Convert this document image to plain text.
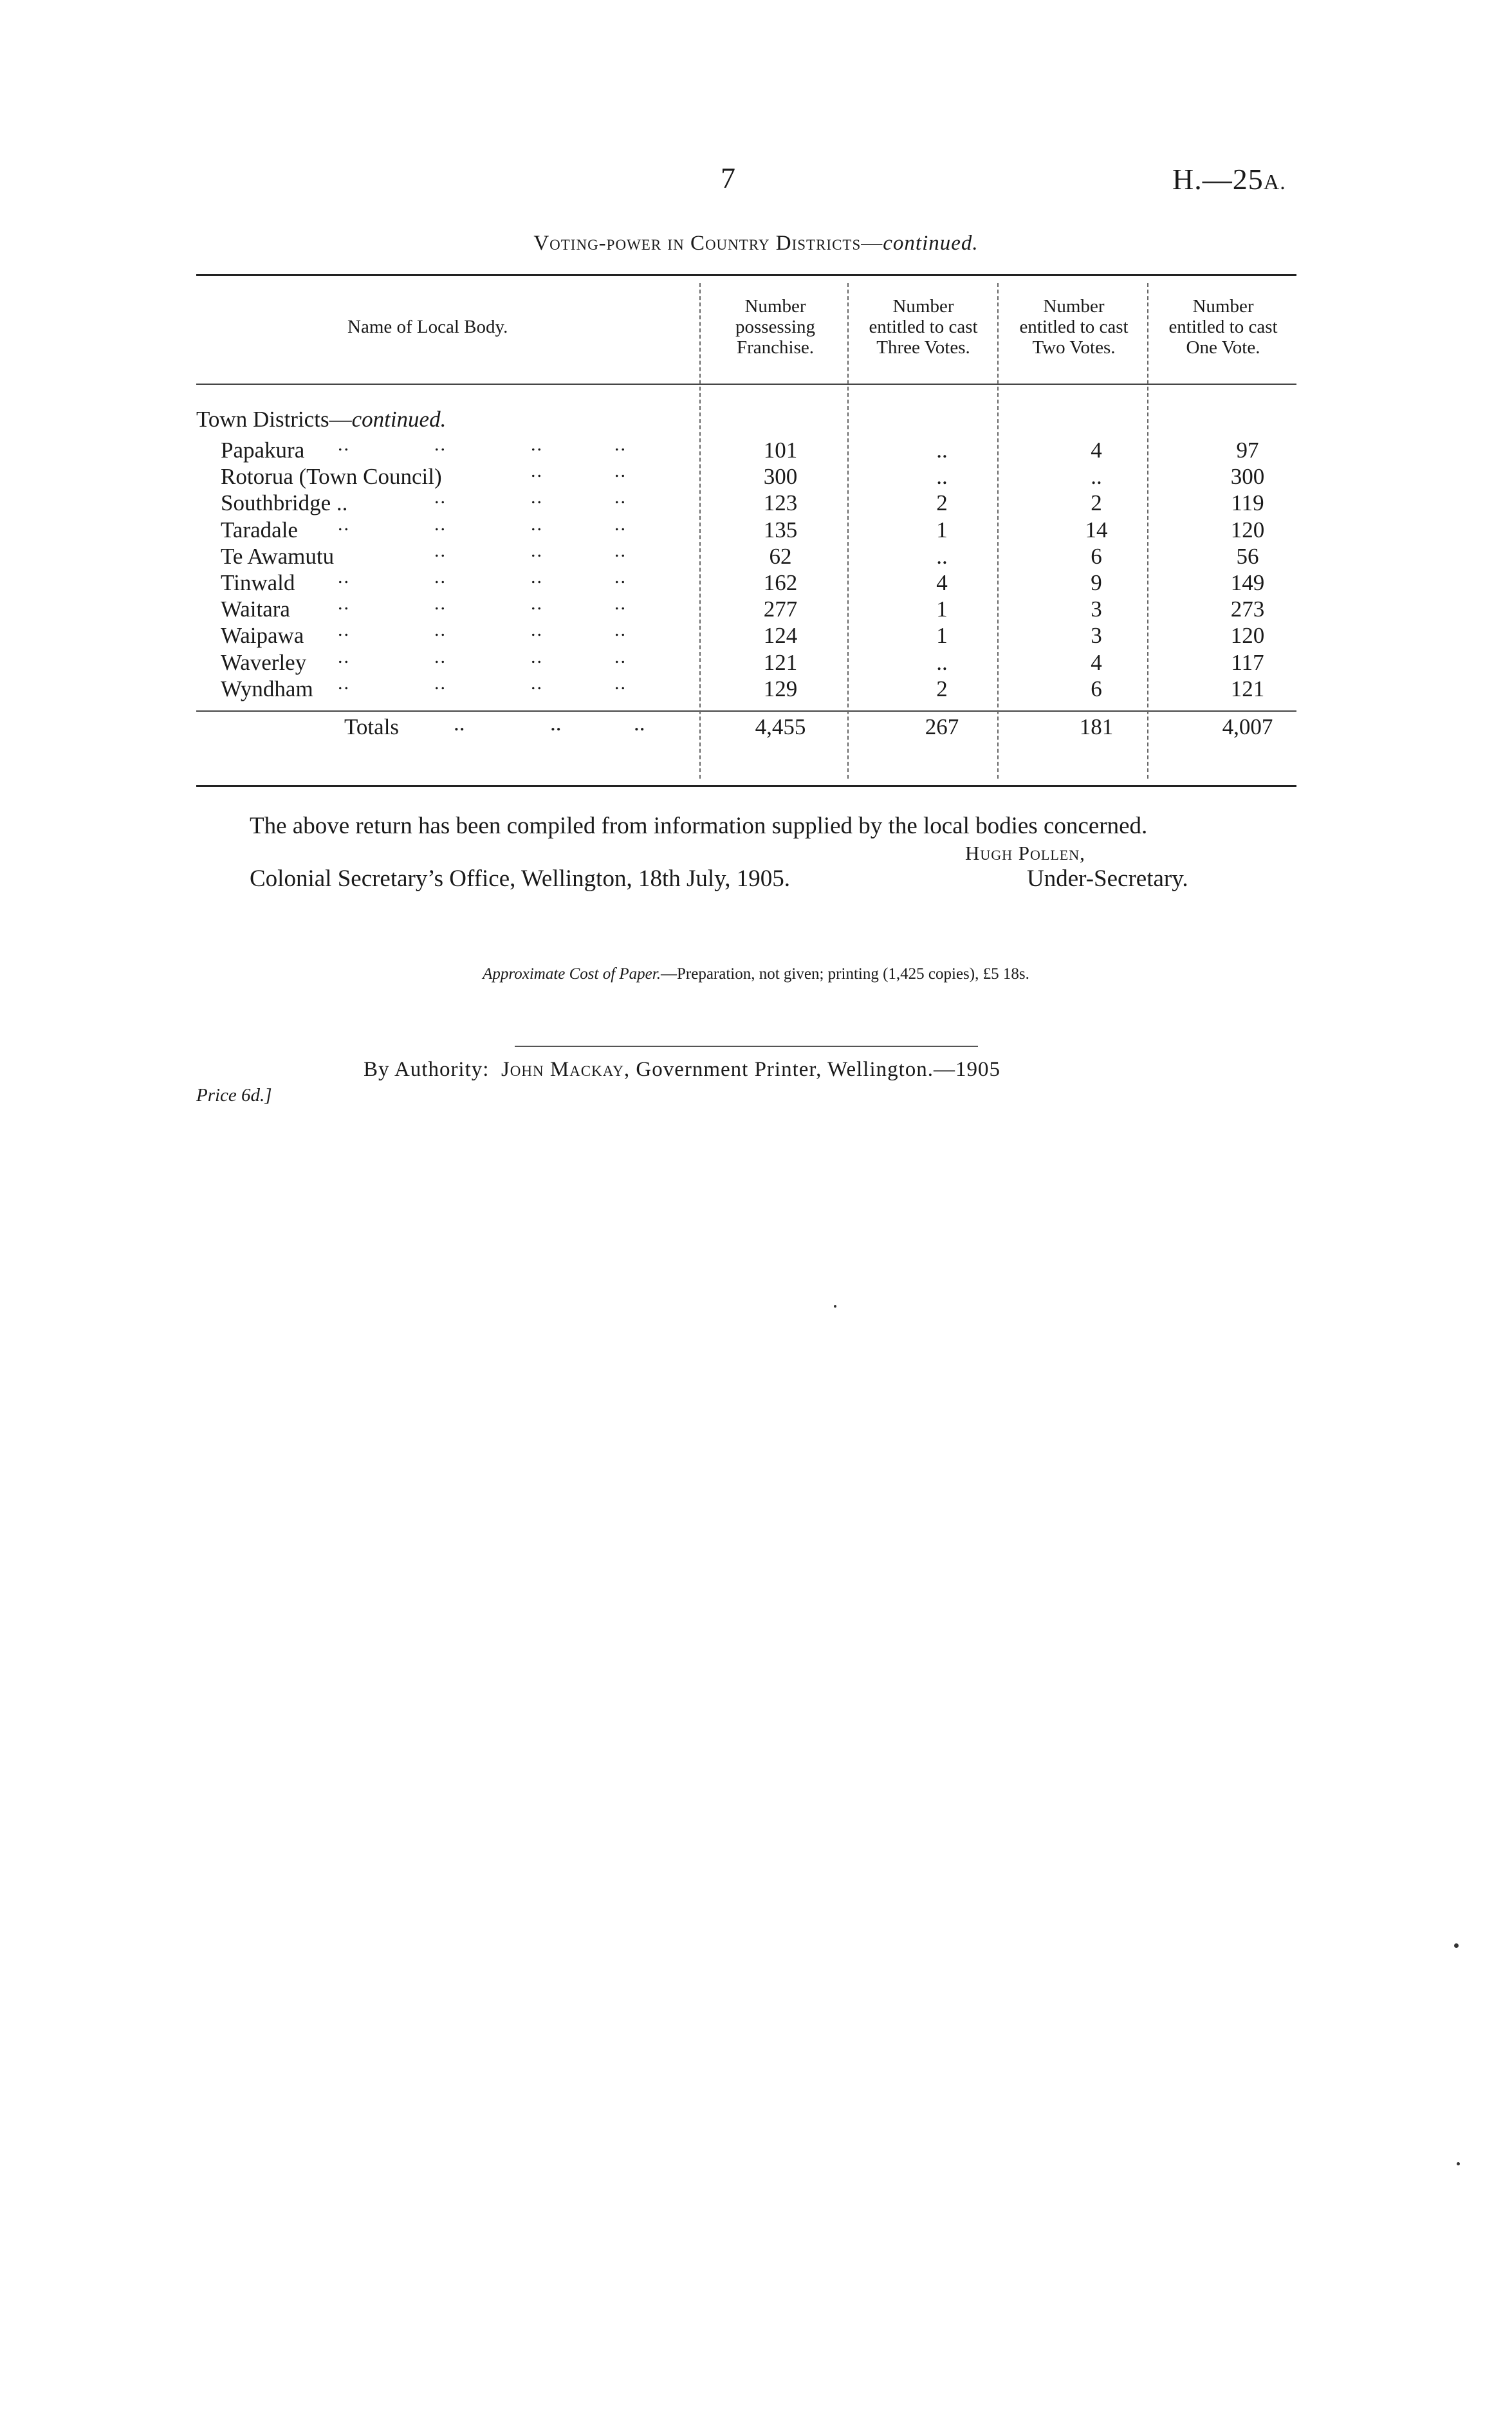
7	H.—25A.
Voting-power in Country Districts—continued.
Name of Local Body.
Number
possessing
Franchise.
Number
entitled to cast
Three Votes.
Number
entitled to cast
Two Votes.
Number
entitled to cast
One Vote.
Town Districts—continued.
Papakura ..	..	..	..	101	..	4	97
Rotorua (Town Council)	..	..	300	..	..	300
Southbridge ..	..	..	..	123	2	2	119
Taradale ..	..	..	..	135	1	14	120
Te Awamutu	..	..	..	62	..	6	56
Tinwald ..	..	..	..	162	4	9	149
Waitara ..	..	..	..	277	1	3	273
Waipawa ..	..	..	..	124	1	3	120
Waverley ..	..	..	..	121	..	4	117
Wyndham ..	..	..	..	129	2	6	121
Totals ..	..	..	4,455	267	181	4,007
The above return has been compiled from information supplied by the local bodies concerned.
Hugh Pollen,
Colonial Secretary’s Office, Wellington, 18th July, 1905.	Under-Secretary.
Approximate Cost of Paper.—Preparation, not given; printing (1,425 copies), £5 18s.
By Authority: John Mackay, Government Printer, Wellington.—1905
Price 6d.]
